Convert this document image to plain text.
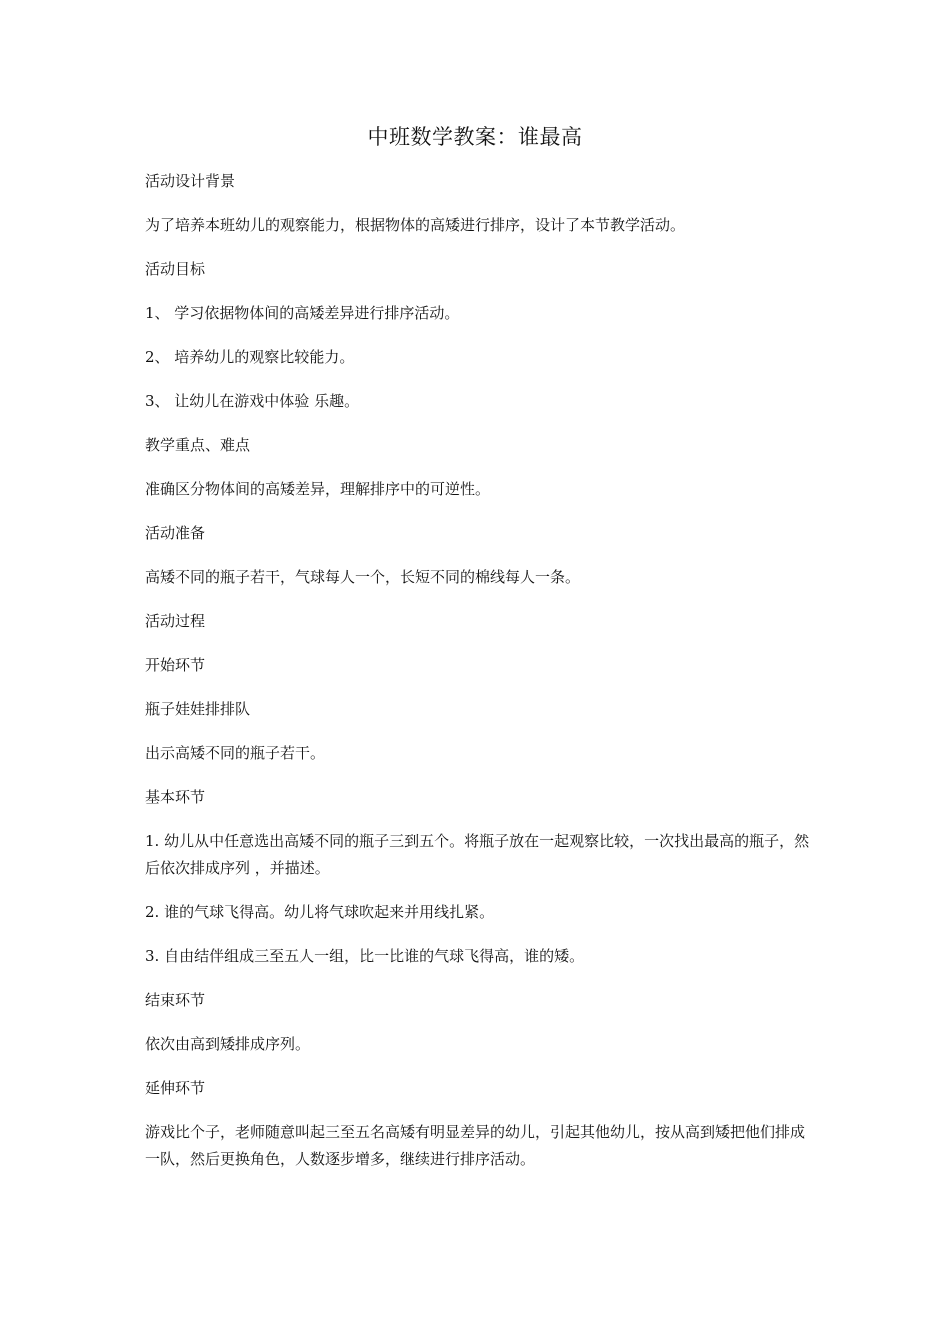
中班数学教案：谁最高
活动设计背景
为了培养本班幼儿的观察能力，根据物体的高矮进行排序，设计了本节教学活动。
活动目标
1、 学习依据物体间的高矮差异进行排序活动。
2、 培养幼儿的观察比较能力。
3、 让幼儿在游戏中体验 乐趣。
教学重点、难点
准确区分物体间的高矮差异，理解排序中的可逆性。
活动准备
高矮不同的瓶子若干，气球每人一个，长短不同的棉线每人一条。
活动过程
开始环节
瓶子娃娃排排队
出示高矮不同的瓶子若干。
基本环节
1. 幼儿从中任意选出高矮不同的瓶子三到五个。将瓶子放在一起观察比较，一次找出最高的瓶子，然后依次排成序列 ，并描述。
2. 谁的气球飞得高。幼儿将气球吹起来并用线扎紧。
3. 自由结伴组成三至五人一组，比一比谁的气球飞得高，谁的矮。
结束环节
依次由高到矮排成序列。
延伸环节
游戏比个子，老师随意叫起三至五名高矮有明显差异的幼儿，引起其他幼儿，按从高到矮把他们排成一队，然后更换角色，人数逐步增多，继续进行排序活动。
